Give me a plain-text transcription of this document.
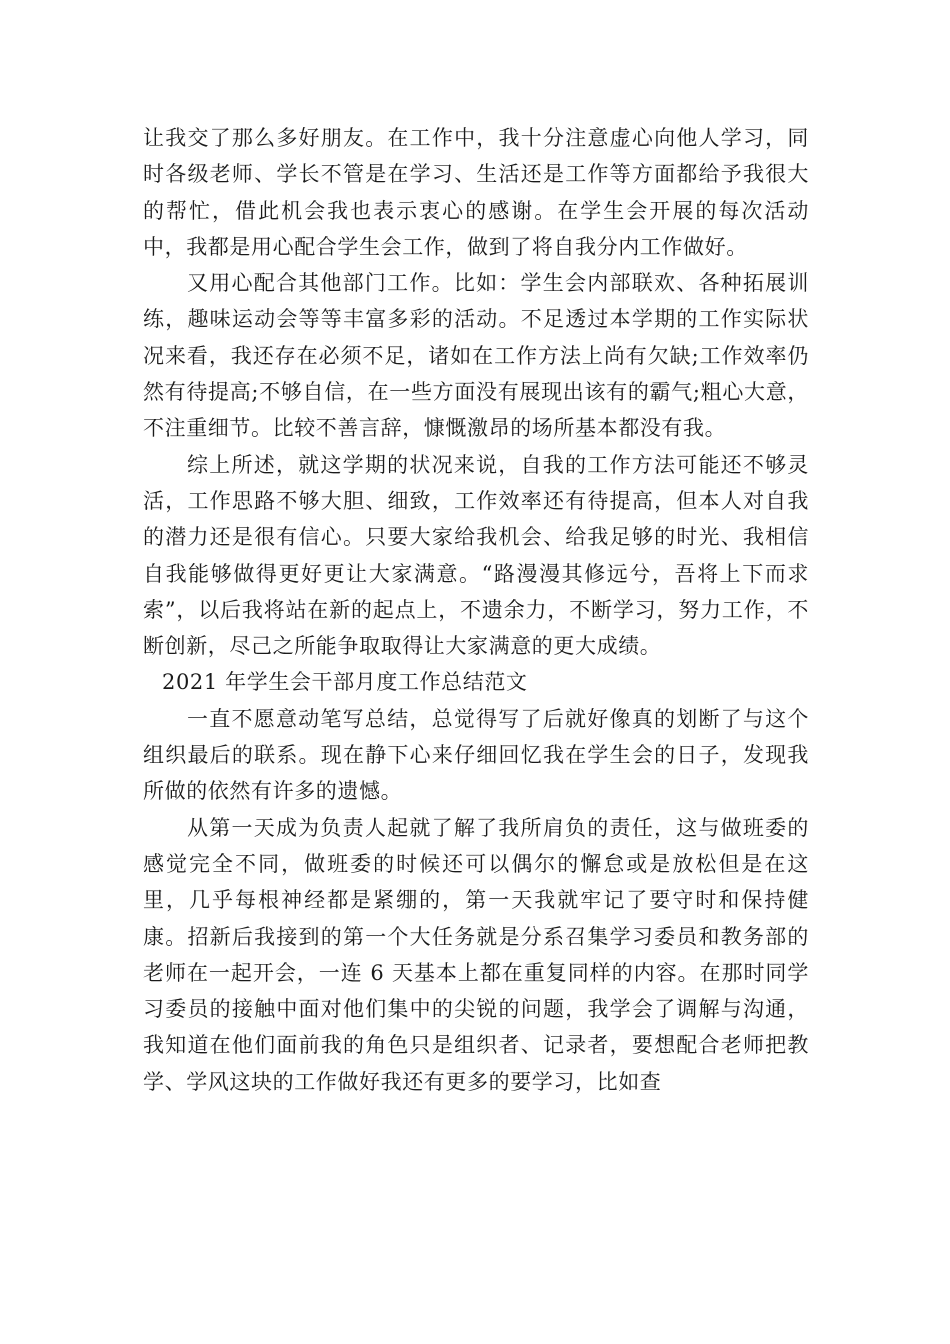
让我交了那么多好朋友。在工作中，我十分注意虚心向他人学习，同时各级老师、学长不管是在学习、生活还是工作等方面都给予我很大的帮忙，借此机会我也表示衷心的感谢。在学生会开展的每次活动中，我都是用心配合学生会工作，做到了将自我分内工作做好。

又用心配合其他部门工作。比如：学生会内部联欢、各种拓展训练，趣味运动会等等丰富多彩的活动。不足透过本学期的工作实际状况来看，我还存在必须不足，诸如在工作方法上尚有欠缺;工作效率仍然有待提高;不够自信，在一些方面没有展现出该有的霸气;粗心大意，不注重细节。比较不善言辞，慷慨激昂的场所基本都没有我。

综上所述，就这学期的状况来说，自我的工作方法可能还不够灵活，工作思路不够大胆、细致，工作效率还有待提高，但本人对自我的潜力还是很有信心。只要大家给我机会、给我足够的时光、我相信自我能够做得更好更让大家满意。“路漫漫其修远兮，吾将上下而求索”，以后我将站在新的起点上，不遗余力，不断学习，努力工作，不断创新，尽己之所能争取取得让大家满意的更大成绩。

2021 年学生会干部月度工作总结范文

一直不愿意动笔写总结，总觉得写了后就好像真的划断了与这个组织最后的联系。现在静下心来仔细回忆我在学生会的日子，发现我所做的依然有许多的遗憾。

从第一天成为负责人起就了解了我所肩负的责任，这与做班委的感觉完全不同，做班委的时候还可以偶尔的懈怠或是放松但是在这里，几乎每根神经都是紧绷的，第一天我就牢记了要守时和保持健康。招新后我接到的第一个大任务就是分系召集学习委员和教务部的老师在一起开会，一连 6 天基本上都在重复同样的内容。在那时同学习委员的接触中面对他们集中的尖锐的问题，我学会了调解与沟通，我知道在他们面前我的角色只是组织者、记录者，要想配合老师把教学、学风这块的工作做好我还有更多的要学习，比如查
